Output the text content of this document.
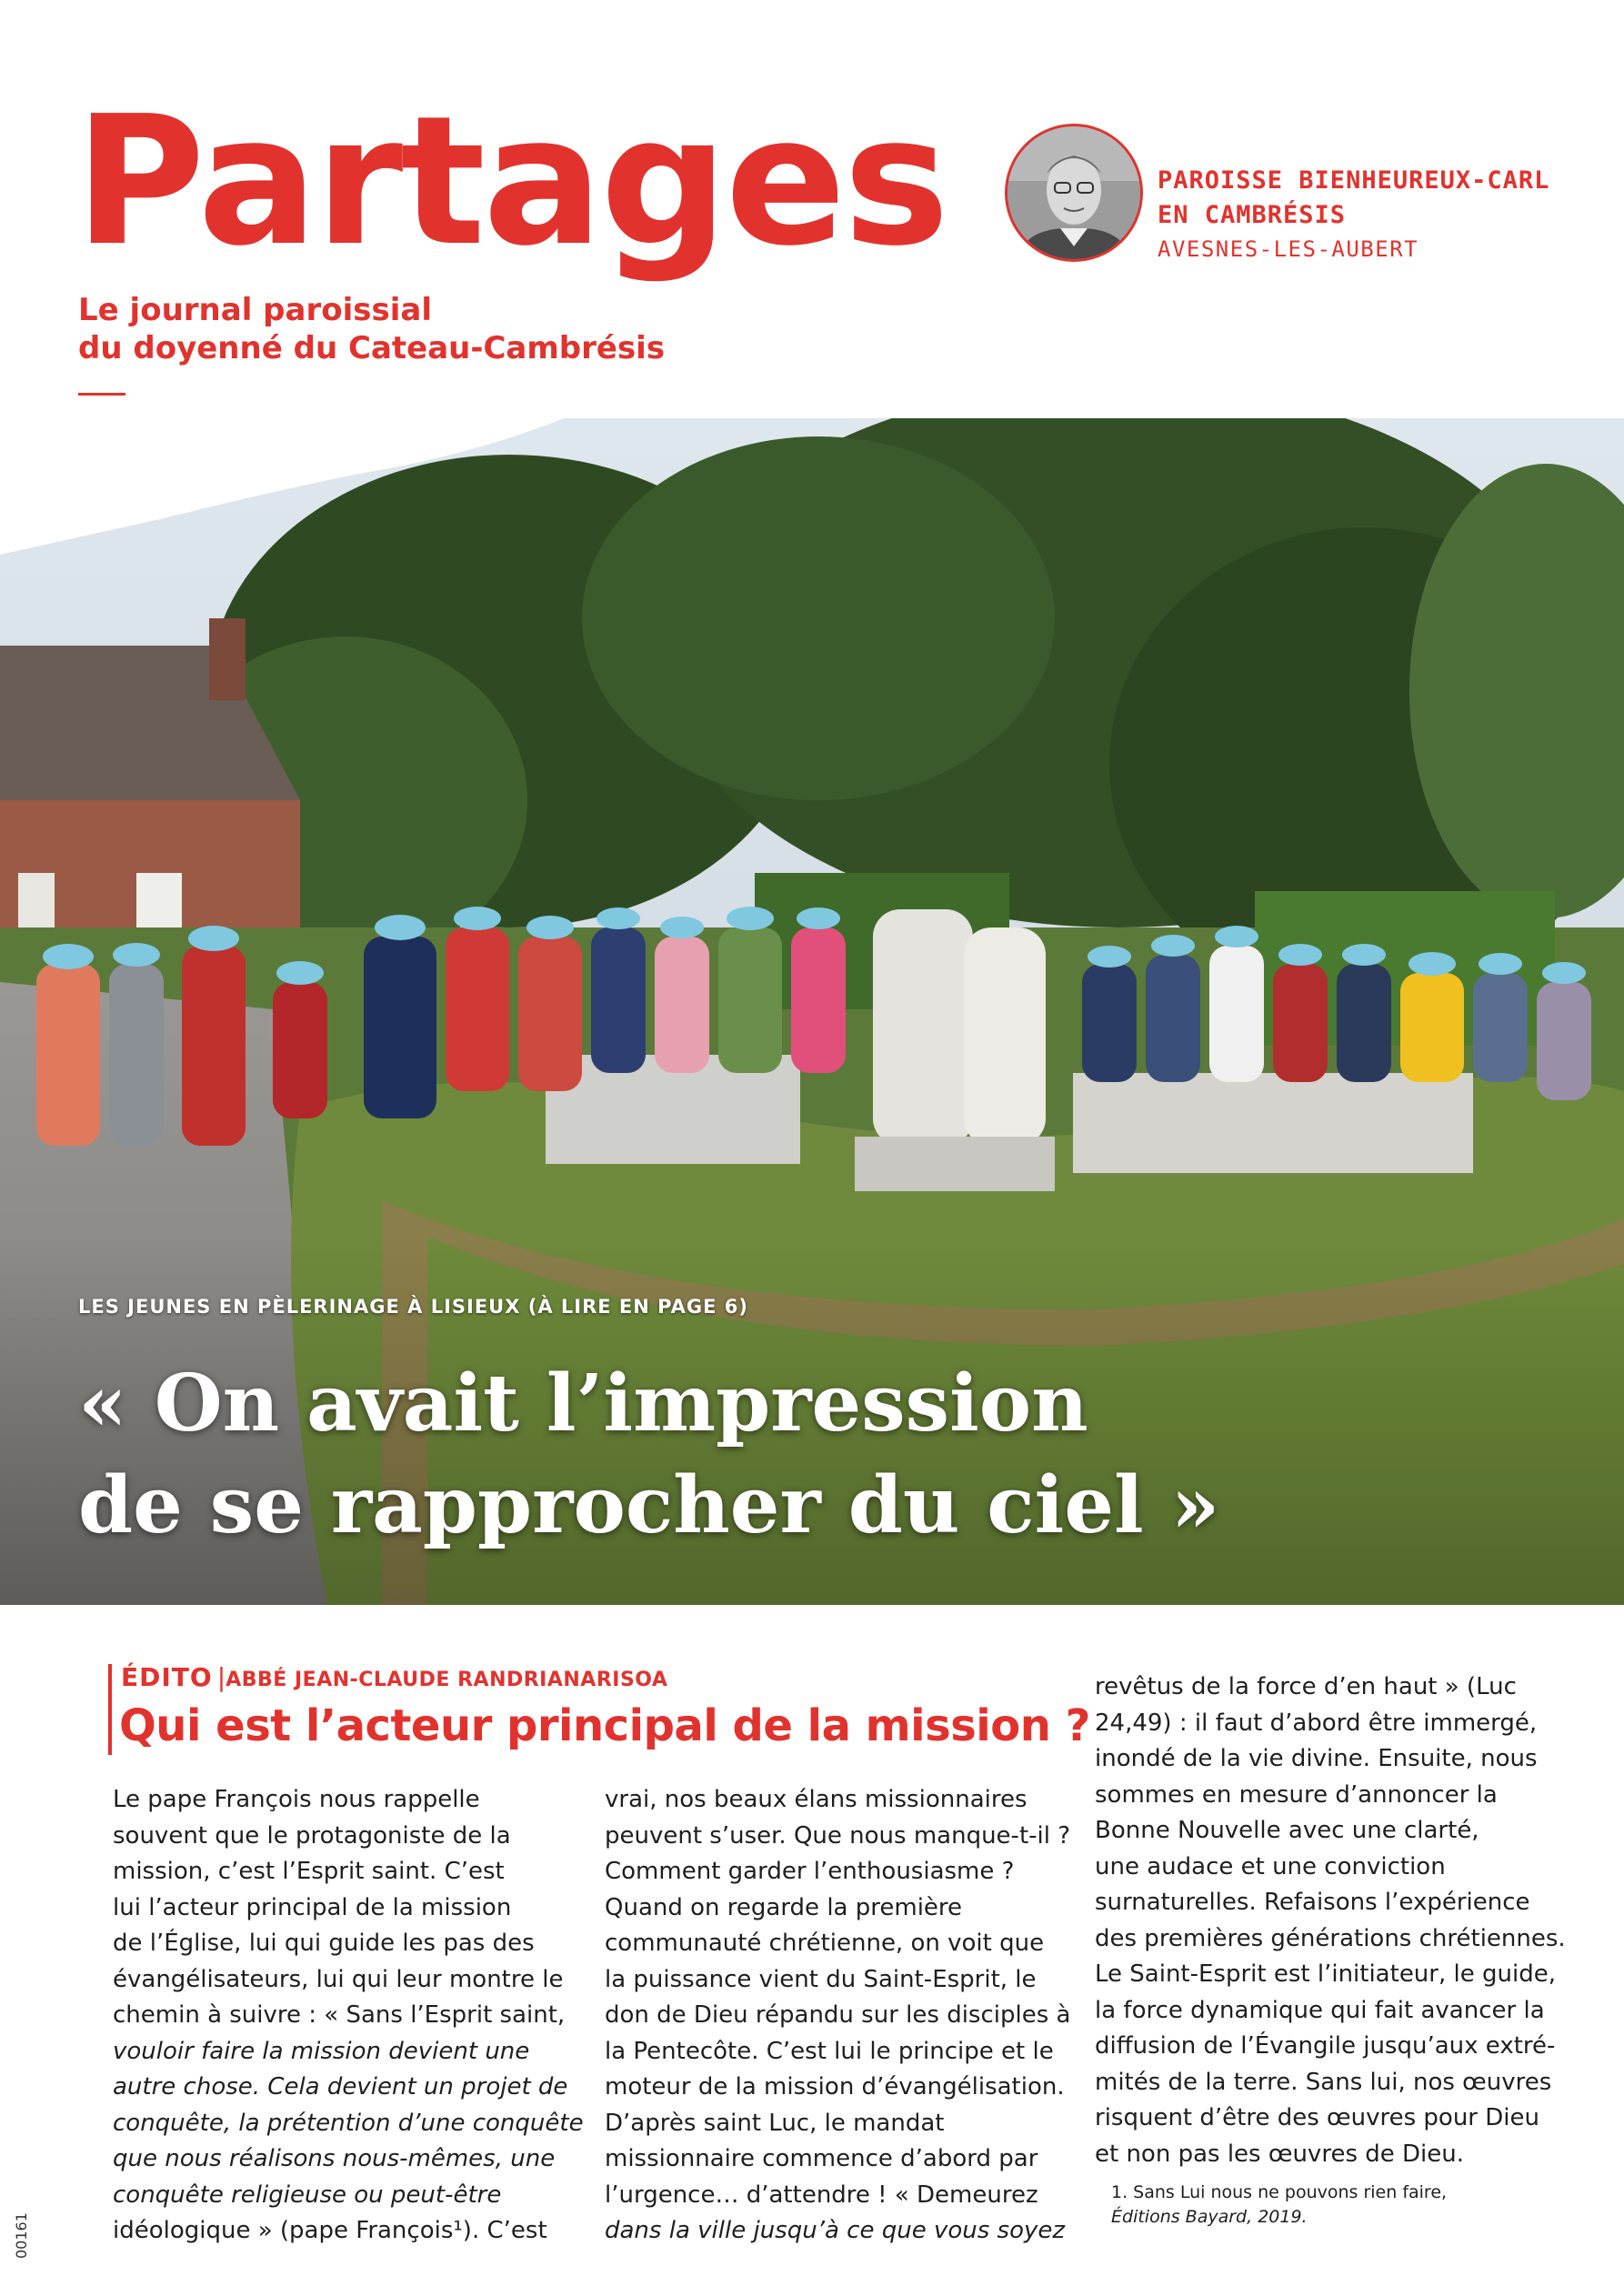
Partages
Le journal paroissial
du doyenné du Cateau-Cambrésis
PAROISSE BIENHEUREUX-CARL
EN CAMBRÉSIS
AVESNES-LES-AUBERT
LES JEUNES EN PÈLERINAGE À LISIEUX (À LIRE EN PAGE 6)
« On avait l’impression
de se rapprocher du ciel »
ÉDITO |ABBÉ JEAN-CLAUDE RANDRIANARISOA
Qui est l’acteur principal de la mission ?
Le pape François nous rappelle
souvent que le protagoniste de la
mission, c’est l’Esprit saint. C’est
lui l’acteur principal de la mission
de l’Église, lui qui guide les pas des
évangélisateurs, lui qui leur montre le
chemin à suivre : « Sans l’Esprit saint,
vouloir faire la mission devient une
autre chose. Cela devient un projet de
conquête, la prétention d’une conquête
que nous réalisons nous-mêmes, une
conquête religieuse ou peut-être
idéologique » (pape François¹). C’est
vrai, nos beaux élans missionnaires
peuvent s’user. Que nous manque-t-il ?
Comment garder l’enthousiasme ?
Quand on regarde la première
communauté chrétienne, on voit que
la puissance vient du Saint-Esprit, le
don de Dieu répandu sur les disciples à
la Pentecôte. C’est lui le principe et le
moteur de la mission d’évangélisation.
D’après saint Luc, le mandat
missionnaire commence d’abord par
l’urgence… d’attendre ! « Demeurez
dans la ville jusqu’à ce que vous soyez
revêtus de la force d’en haut » (Luc
24,49) : il faut d’abord être immergé,
inondé de la vie divine. Ensuite, nous
sommes en mesure d’annoncer la
Bonne Nouvelle avec une clarté,
une audace et une conviction
surnaturelles. Refaisons l’expérience
des premières générations chrétiennes.
Le Saint-Esprit est l’initiateur, le guide,
la force dynamique qui fait avancer la
diffusion de l’Évangile jusqu’aux extré-
mités de la terre. Sans lui, nos œuvres
risquent d’être des œuvres pour Dieu
et non pas les œuvres de Dieu.
1. Sans Lui nous ne pouvons rien faire,
Éditions Bayard, 2019.
00161
